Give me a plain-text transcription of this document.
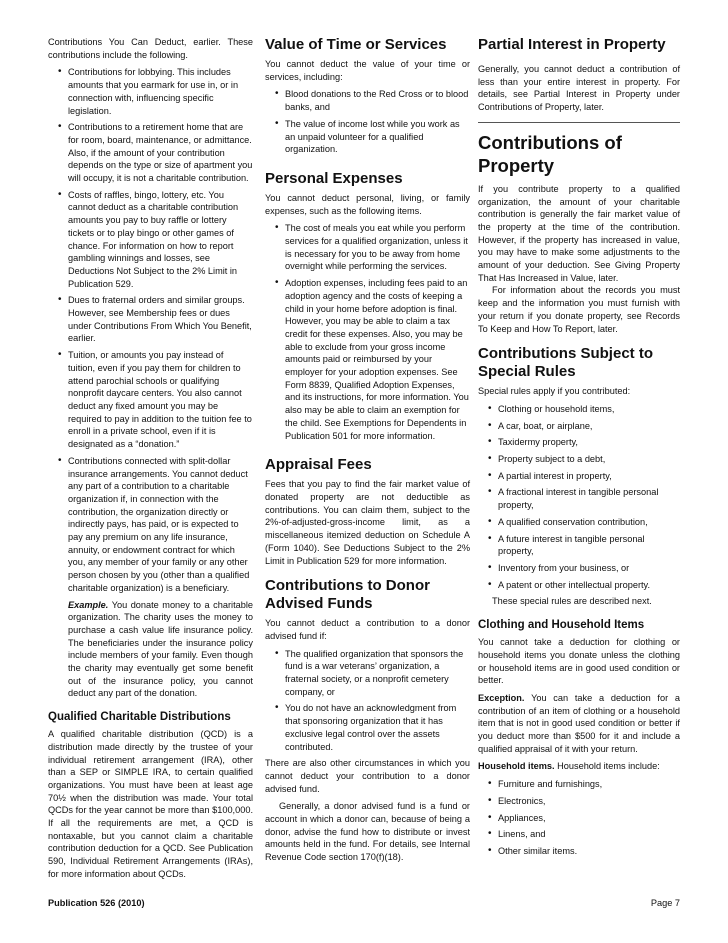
Contributions You Can Deduct, earlier. These contributions include the following.

• Contributions for lobbying. This includes amounts that you earmark for use in, or in connection with, influencing specific legislation.
• Contributions to a retirement home that are for room, board, maintenance, or admittance. Also, if the amount of your contribution depends on the type or size of apartment you will occupy, it is not a charitable contribution.
• Costs of raffles, bingo, lottery, etc. You cannot deduct as a charitable contribution amounts you pay to buy raffle or lottery tickets or to play bingo or other games of chance. For information on how to report gambling winnings and losses, see Deductions Not Subject to the 2% Limit in Publication 529.
• Dues to fraternal orders and similar groups. However, see Membership fees or dues under Contributions From Which You Benefit, earlier.
• Tuition, or amounts you pay instead of tuition, even if you pay them for children to attend parochial schools or qualifying nonprofit daycare centers. You also cannot deduct any fixed amount you may be required to pay in addition to the tuition fee to enroll in a private school, even if it is designated as a “donation.”
• Contributions connected with split-dollar insurance arrangements. You cannot deduct any part of a contribution to a charitable organization if, in connection with the contribution, the organization directly or indirectly pays, has paid, or is expected to pay any premium on any life insurance, annuity, or endowment contract for which you, any member of your family or any other person chosen by you (other than a qualified charitable organization) is a beneficiary.

Example. You donate money to a charitable organization. The charity uses the money to purchase a cash value life insurance policy. The beneficiaries under the insurance policy include members of your family. Even though the charity may eventually get some benefit out of the insurance policy, you cannot deduct any part of the donation.

Qualified Charitable Distributions

A qualified charitable distribution (QCD) is a distribution made directly by the trustee of your individual retirement arrangement (IRA), other than a SEP or SIMPLE IRA, to certain qualified organizations. You must have been at least age 70½ when the distribution was made. Your total QCDs for the year cannot be more than $100,000. If all the requirements are met, a QCD is nontaxable, but you cannot claim a charitable contribution deduction for a QCD. See Publication 590, Individual Retirement Arrangements (IRAs), for more information about QCDs.

Value of Time or Services

You cannot deduct the value of your time or services, including:

• Blood donations to the Red Cross or to blood banks, and
• The value of income lost while you work as an unpaid volunteer for a qualified organization.
Personal Expenses

You cannot deduct personal, living, or family expenses, such as the following items.

• The cost of meals you eat while you perform services for a qualified organization, unless it is necessary for you to be away from home overnight while performing the services.
• Adoption expenses, including fees paid to an adoption agency and the costs of keeping a child in your home before adoption is final. However, you may be able to claim a tax credit for these expenses. Also, you may be able to exclude from your gross income amounts paid or reimbursed by your employer for your adoption expenses. See Form 8839, Qualified Adoption Expenses, and its instructions, for more information. You also may be able to claim an exemption for the child. See Exemptions for Dependents in Publication 501 for more information.
Appraisal Fees

Fees that you pay to find the fair market value of donated property are not deductible as contributions. You can claim them, subject to the 2%-of-adjusted-gross-income limit, as a miscellaneous itemized deduction on Schedule A (Form 1040). See Deductions Subject to the 2% Limit in Publication 529 for more information.

Contributions to Donor Advised Funds

You cannot deduct a contribution to a donor advised fund if:

• The qualified organization that sponsors the fund is a war veterans’ organization, a fraternal society, or a nonprofit cemetery company, or
• You do not have an acknowledgment from that sponsoring organization that it has exclusive legal control over the assets contributed.

There are also other circumstances in which you cannot deduct your contribution to a donor advised fund.

Generally, a donor advised fund is a fund or account in which a donor can, because of being a donor, advise the fund how to distribute or invest amounts held in the fund. For details, see Internal Revenue Code section 170(f)(18).

Partial Interest in Property

Generally, you cannot deduct a contribution of less than your entire interest in property. For details, see Partial Interest in Property under Contributions of Property, later.

Contributions of Property

If you contribute property to a qualified organization, the amount of your charitable contribution is generally the fair market value of the property at the time of the contribution. However, if the property has increased in value, you may have to make some adjustments to the amount of your deduction. See Giving Property That Has Increased in Value, later.

For information about the records you must keep and the information you must furnish with your return if you donate property, see Records To Keep and How To Report, later.

Contributions Subject to Special Rules

Special rules apply if you contributed:

• Clothing or household items,
• A car, boat, or airplane,
• Taxidermy property,
• Property subject to a debt,
• A partial interest in property,
• A fractional interest in tangible personal property,
• A qualified conservation contribution,
• A future interest in tangible personal property,
• Inventory from your business, or
• A patent or other intellectual property.

These special rules are described next.

Clothing and Household Items

You cannot take a deduction for clothing or household items you donate unless the clothing or household items are in good used condition or better.

Exception. You can take a deduction for a contribution of an item of clothing or a household item that is not in good used condition or better if you deduct more than $500 for it and include a qualified appraisal of it with your return.

Household items. Household items include:

• Furniture and furnishings,
• Electronics,
• Appliances,
• Linens, and
• Other similar items.
Publication 526 (2010)	Page 7
